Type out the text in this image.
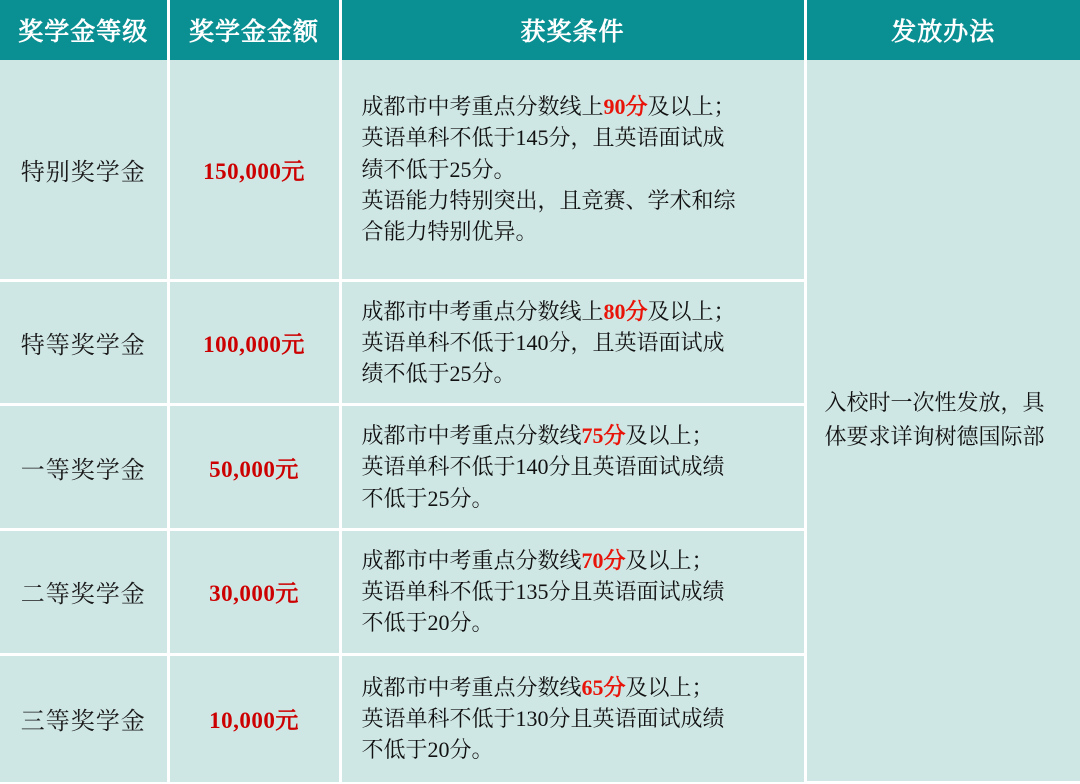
奖学金等级	奖学金金额	获奖条件	发放办法
特别奖学金	150,000元	成都市中考重点分数线上90分及以上；
英语单科不低于145分，且英语面试成
绩不低于25分。
英语能力特别突出，且竞赛、学术和综
合能力特别优异。	入校时一次性发放，具
体要求详询树德国际部

特等奖学金	100,000元	成都市中考重点分数线上80分及以上；
英语单科不低于140分，且英语面试成
绩不低于25分。	

一等奖学金	50,000元	成都市中考重点分数线75分及以上；
英语单科不低于140分且英语面试成绩
不低于25分。	

二等奖学金	30,000元	成都市中考重点分数线70分及以上；
英语单科不低于135分且英语面试成绩
不低于20分。	

三等奖学金	10,000元	成都市中考重点分数线65分及以上；
英语单科不低于130分且英语面试成绩
不低于20分。	
